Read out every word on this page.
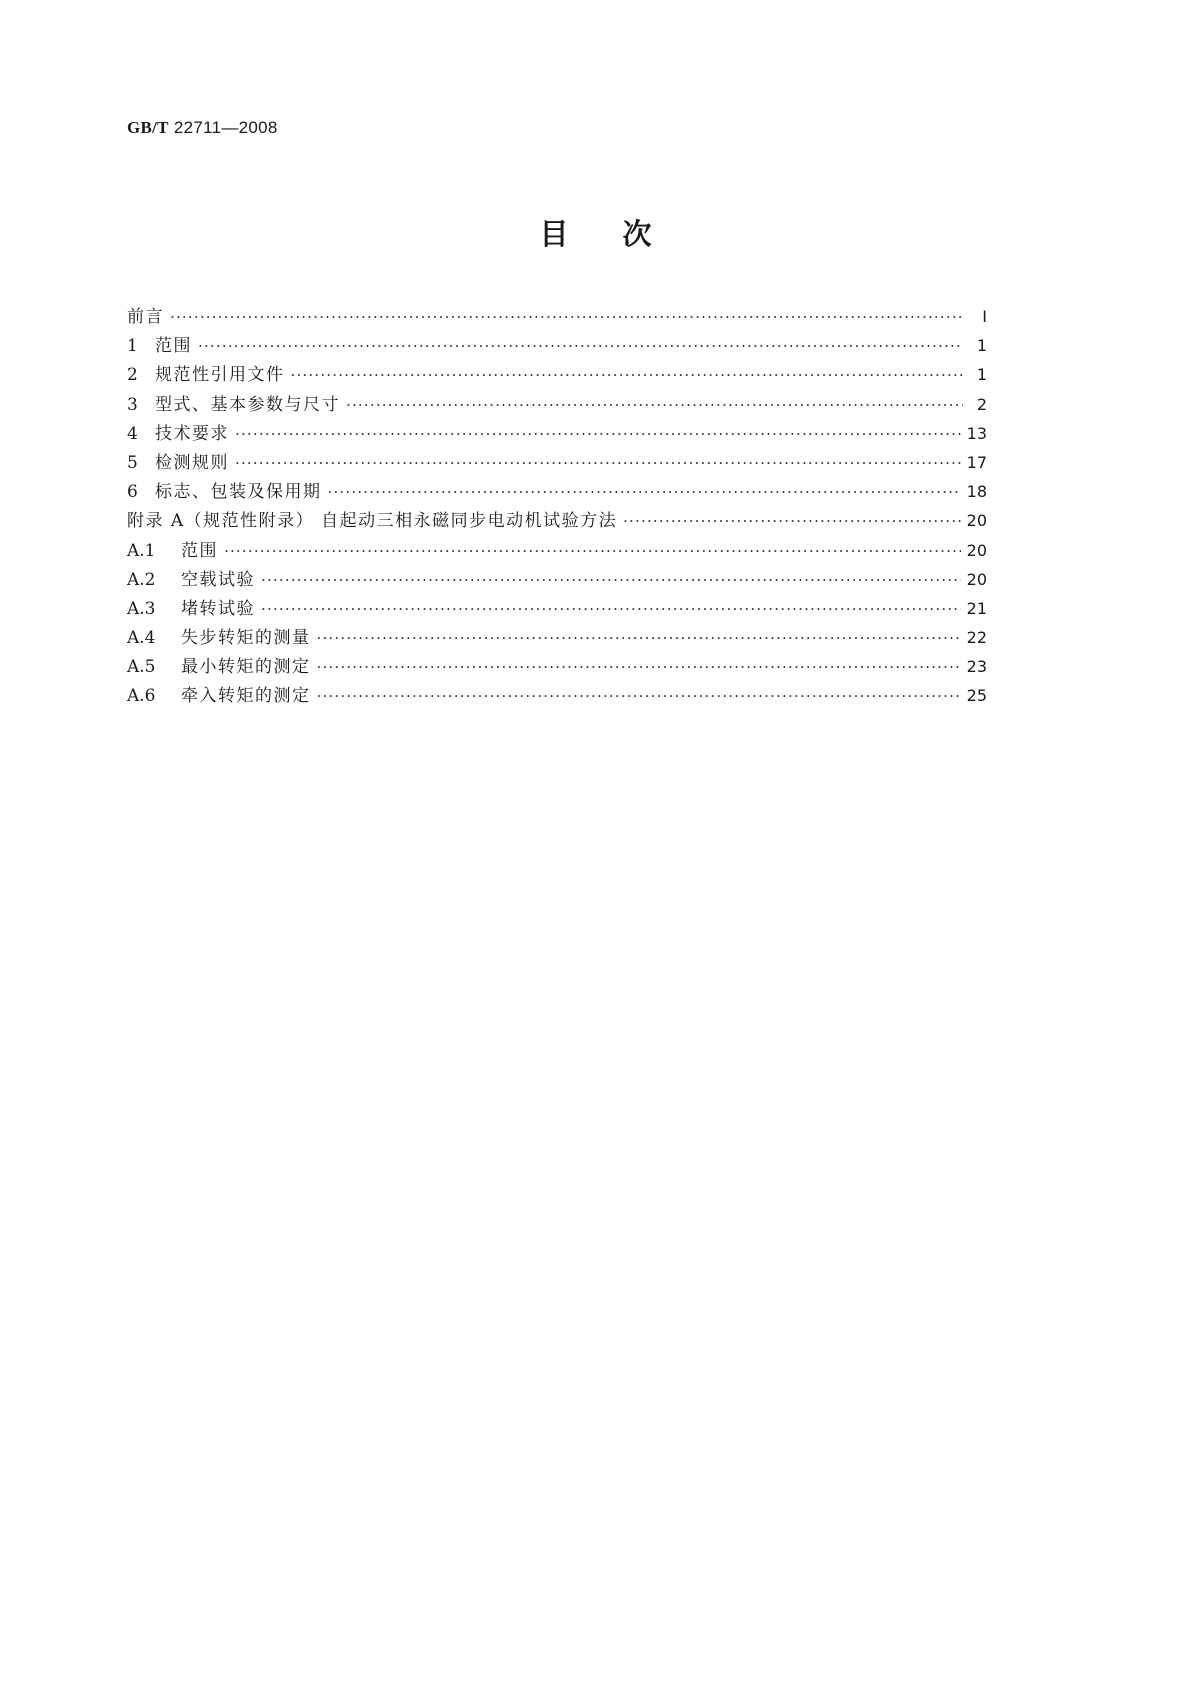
GB/T 22711—2008
目次
前言 ·····	Ⅰ
1	范围 ·····	1
2	规范性引用文件 ·····	1
3	型式、基本参数与尺寸 ·····	2
4	技术要求 ·····	13
5	检测规则 ·····	17
6	标志、包装及保用期 ·····	18
附录 A（规范性附录） 自起动三相永磁同步电动机试验方法 ·····	20
A.1	范围 ·····	20
A.2	空载试验 ·····	20
A.3	堵转试验 ·····	21
A.4	失步转矩的测量 ·····	22
A.5	最小转矩的测定 ·····	23
A.6	牵入转矩的测定 ·····	25
